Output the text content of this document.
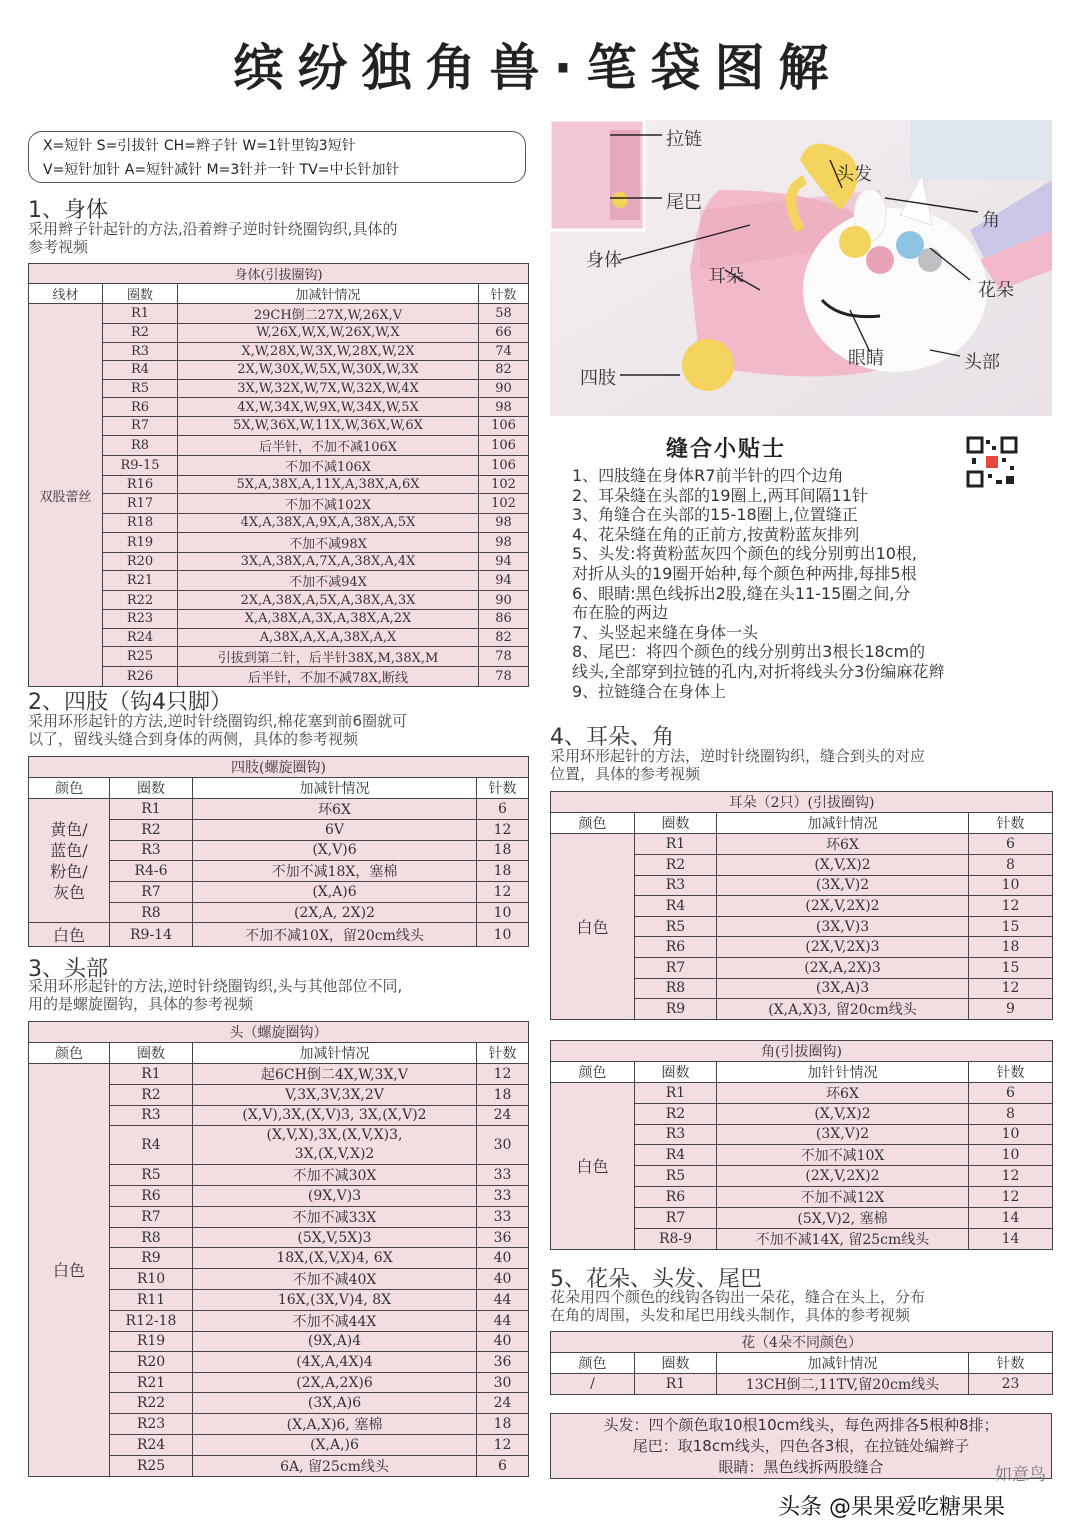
缤纷独角兽·笔袋图解
X=短针 S=引拔针 CH=辫子针 W=1针里钩3短针
V=短针加针 A=短针减针 M=3针并一针 TV=中长针加针
1、身体
采用辫子针起针的方法,沿着辫子逆时针绕圈钩织,具体的
参考视频
身体(引拔圈钩)			
线材	圈数	加减针情况	针数
双股蕾丝	R1	29CH倒二27X,W,26X,V	58
	R2	W,26X,W,X,W,26X,W,X	66
	R3	X,W,28X,W,3X,W,28X,W,2X	74
	R4	2X,W,30X,W,5X,W,30X,W,3X	82
	R5	3X,W,32X,W,7X,W,32X,W,4X	90
	R6	4X,W,34X,W,9X,W,34X,W,5X	98
	R7	5X,W,36X,W,11X,W,36X,W,6X	106
	R8	后半针，不加不减106X	106
	R9-15	不加不减106X	106
	R16	5X,A,38X,A,11X,A,38X,A,6X	102
	R17	不加不减102X	102
	R18	4X,A,38X,A,9X,A,38X,A,5X	98
	R19	不加不减98X	98
	R20	3X,A,38X,A,7X,A,38X,A,4X	94
	R21	不加不减94X	94
	R22	2X,A,38X,A,5X,A,38X,A,3X	90
	R23	X,A,38X,A,3X,A,38X,A,2X	86
	R24	A,38X,A,X,A,38X,A,X	82
	R25	引拔到第二针，后半针38X,M,38X,M	78
	R26	后半针，不加不减78X,断线	78
2、四肢（钩4只脚）
采用环形起针的方法,逆时针绕圈钩织,棉花塞到前6圈就可
以了，留线头缝合到身体的两侧，具体的参考视频
四肢(螺旋圈钩)			
颜色	圈数	加减针情况	针数

黄色/
蓝色/
粉色/
灰色	R1	环6X	6
	R2	6V	12
	R3	(X,V)6	18
	R4-6	不加不减18X，塞棉	18
	R7	(X,A)6	12
	R8	(2X,A, 2X)2	10
白色	R9-14	不加不减10X，留20cm线头	10
3、头部
采用环形起针的方法,逆时针绕圈钩织,头与其他部位不同,
用的是螺旋圈钩，具体的参考视频
头（螺旋圈钩）			
颜色	圈数	加减针情况	针数
白色	R1	起6CH倒二4X,W,3X,V	12
	R2	V,3X,3V,3X,2V	18
	R3	(X,V),3X,(X,V)3, 3X,(X,V)2	24
	R4	(X,V,X),3X,(X,V,X)3,
3X,(X,V,X)2	30
	R5	不加不减30X	33
	R6	(9X,V)3	33
	R7	不加不减33X	33
	R8	(5X,V,5X)3	36
	R9	18X,(X,V,X)4, 6X	40
	R10	不加不减40X	40
	R11	16X,(3X,V)4, 8X	44
	R12-18	不加不减44X	44
	R19	(9X,A)4	40
	R20	(4X,A,4X)4	36
	R21	(2X,A,2X)6	30
	R22	(3X,A)6	24
	R23	(X,A,X)6, 塞棉	18
	R24	(X,A,)6	12
	R25	6A, 留25cm线头	6
拉链
尾巴
头发
角
身体
耳朵
花朵
眼睛	头部
四肢
缝合小贴士
1、四肢缝在身体R7前半针的四个边角
2、耳朵缝在头部的19圈上,两耳间隔11针
3、角缝合在头部的15-18圈上,位置缝正
4、花朵缝在角的正前方,按黄粉蓝灰排列
5、头发:将黄粉蓝灰四个颜色的线分别剪出10根,
对折从头的19圈开始种,每个颜色种两排,每排5根
6、眼睛:黑色线拆出2股,缝在头11-15圈之间,分
布在脸的两边
7、头竖起来缝在身体一头
8、尾巴：将四个颜色的线分别剪出3根长18cm的
线头,全部穿到拉链的孔内,对折将线头分3份编麻花辫
9、拉链缝合在身体上
4、耳朵、角
采用环形起针的方法，逆时针绕圈钩织，缝合到头的对应
位置，具体的参考视频
耳朵（2只）(引拔圈钩)			
颜色	圈数	加减针情况	针数
白色	R1	环6X	6
	R2	(X,V,X)2	8
	R3	(3X,V)2	10
	R4	(2X,V,2X)2	12
	R5	(3X,V)3	15
	R6	(2X,V,2X)3	18
	R7	(2X,A,2X)3	15
	R8	(3X,A)3	12
	R9	(X,A,X)3, 留20cm线头	9
角(引拔圈钩)			
颜色	圈数	加针针情况	针数
白色	R1	环6X	6
	R2	(X,V,X)2	8
	R3	(3X,V)2	10
	R4	不加不减10X	10
	R5	(2X,V,2X)2	12
	R6	不加不减12X	12
	R7	(5X,V)2, 塞棉	14
	R8-9	不加不减14X, 留25cm线头	14
5、花朵、头发、尾巴
花朵用四个颜色的线钩各钩出一朵花，缝合在头上，分布
在角的周围，头发和尾巴用线头制作，具体的参考视频
花（4朵不同颜色）			
颜色	圈数	加减针情况	针数
/	R1	13CH倒二,11TV,留20cm线头	23
头发：四个颜色取10根10cm线头，每色两排各5根种8排；
尾巴：取18cm线头，四色各3根，在拉链处编辫子
眼睛：黑色线拆两股缝合	如意鸟
头条 @果果爱吃糖果果
